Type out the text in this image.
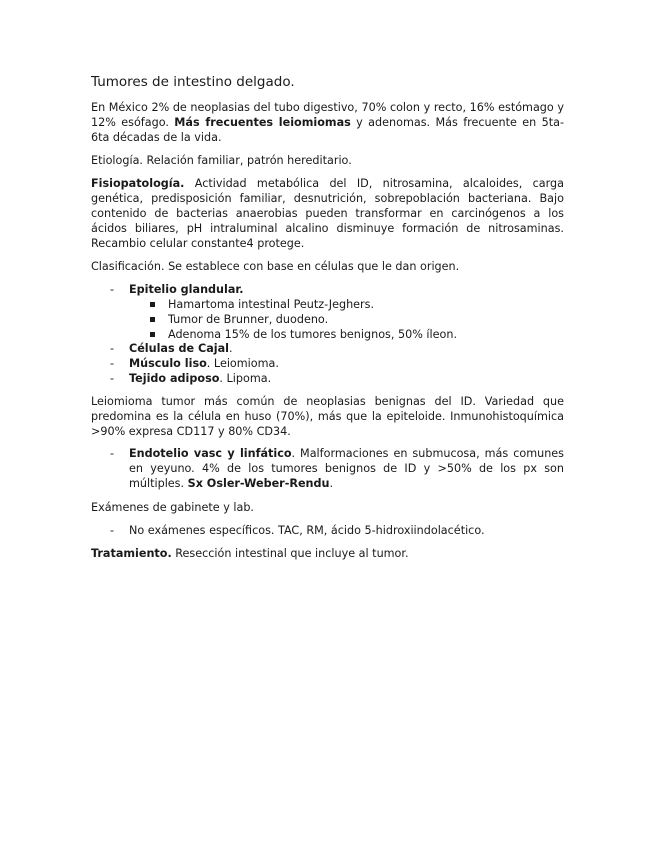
Tumores de intestino delgado.
En México 2% de neoplasias del tubo digestivo, 70% colon y recto, 16% estómago y 12% esófago. Más frecuentes leiomiomas y adenomas. Más frecuente en 5ta-6ta décadas de la vida.
Etiología. Relación familiar, patrón hereditario.
Fisiopatología. Actividad metabólica del ID, nitrosamina, alcaloides, carga genética, predisposición familiar, desnutrición, sobrepoblación bacteriana. Bajo contenido de bacterias anaerobias pueden transformar en carcinógenos a los ácidos biliares, pH intraluminal alcalino disminuye formación de nitrosaminas. Recambio celular constante4 protege.
Clasificación. Se establece con base en células que le dan origen.
- Epitelio glandular.
Hamartoma intestinal Peutz-Jeghers.
Tumor de Brunner, duodeno.
Adenoma 15% de los tumores benignos, 50% íleon.
- Células de Cajal.
- Músculo liso. Leiomioma.
- Tejido adiposo. Lipoma.
Leiomioma tumor más común de neoplasias benignas del ID. Variedad que predomina es la célula en huso (70%), más que la epiteloide. Inmunohistoquímica >90% expresa CD117 y 80% CD34.
- Endotelio vasc y linfático. Malformaciones en submucosa, más comunes en yeyuno. 4% de los tumores benignos de ID y >50% de los px son múltiples. Sx Osler-Weber-Rendu.
Exámenes de gabinete y lab.
- No exámenes específicos. TAC, RM, ácido 5-hidroxiindolacético.
Tratamiento. Resección intestinal que incluye al tumor.
